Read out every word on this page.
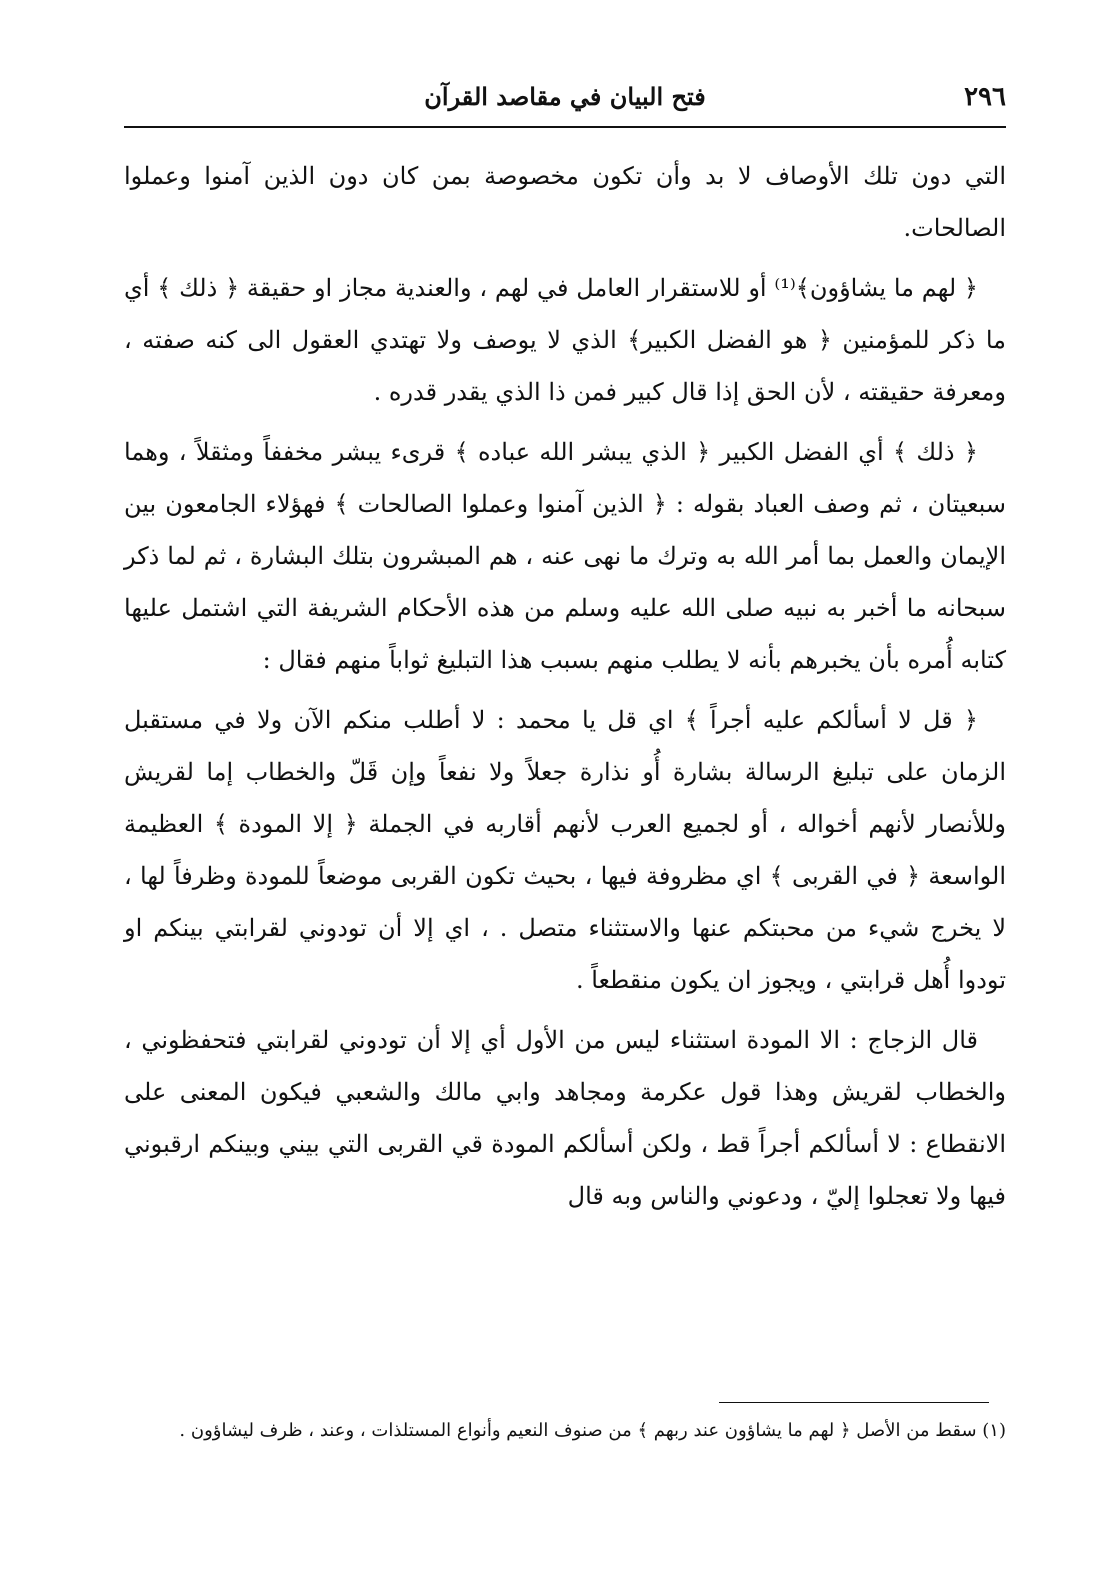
٢٩٦
فتح البيان في مقاصد القرآن

التي دون تلك الأوصاف لا بد وأن تكون مخصوصة بمن كان دون الذين آمنوا وعملوا الصالحات.

﴿ لهم ما يشاؤون﴾⁽¹⁾ أو للاستقرار العامل في لهم ، والعندية مجاز او حقيقة ﴿ ذلك ﴾ أي ما ذكر للمؤمنين ﴿ هو الفضل الكبير﴾ الذي لا يوصف ولا تهتدي العقول الى كنه صفته ، ومعرفة حقيقته ، لأن الحق إذا قال كبير فمن ذا الذي يقدر قدره .

﴿ ذلك ﴾ أي الفضل الكبير ﴿ الذي يبشر الله عباده ﴾ قرىء يبشر مخففاً ومثقلاً ، وهما سبعيتان ، ثم وصف العباد بقوله : ﴿ الذين آمنوا وعملوا الصالحات ﴾ فهؤلاء الجامعون بين الإيمان والعمل بما أمر الله به وترك ما نهى عنه ، هم المبشرون بتلك البشارة ، ثم لما ذكر سبحانه ما أخبر به نبيه صلى الله عليه وسلم من هذه الأحكام الشريفة التي اشتمل عليها كتابه أُمره بأن يخبرهم بأنه لا يطلب منهم بسبب هذا التبليغ ثواباً منهم فقال :

﴿ قل لا أسألكم عليه أجراً ﴾ اي قل يا محمد : لا أطلب منكم الآن ولا في مستقبل الزمان على تبليغ الرسالة بشارة أُو نذارة جعلاً ولا نفعاً وإن قَلّ والخطاب إما لقريش وللأنصار لأنهم أخواله ، أو لجميع العرب لأنهم أقاربه في الجملة ﴿ إلا المودة ﴾ العظيمة الواسعة ﴿ في القربى ﴾ اي مظروفة فيها ، بحيث تكون القربى موضعاً للمودة وظرفاً لها ، لا يخرج شيء من محبتكم عنها والاستثناء متصل . ، اي إلا أن تودوني لقرابتي بينكم او تودوا أُهل قرابتي ، ويجوز ان يكون منقطعاً .

قال الزجاج : الا المودة استثناء ليس من الأول أي إلا أن تودوني لقرابتي فتحفظوني ، والخطاب لقريش وهذا قول عكرمة ومجاهد وابي مالك والشعبي فيكون المعنى على الانقطاع : لا أسألكم أجراً قط ، ولكن أسألكم المودة قي القربى التي بيني وبينكم ارقبوني فيها ولا تعجلوا إليّ ، ودعوني والناس وبه قال

(١) سقط من الأصل ﴿ لهم ما يشاؤون عند ربهم ﴾ من صنوف النعيم وأنواع المستلذات ، وعند ، ظرف ليشاؤون .
